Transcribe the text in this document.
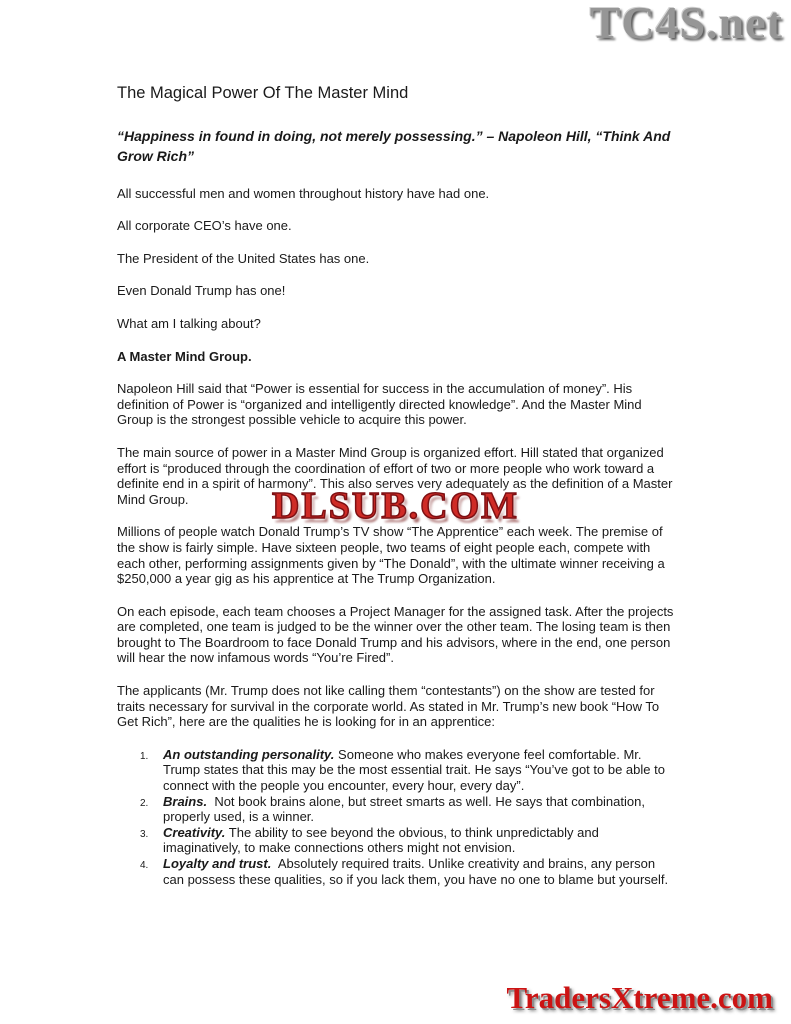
TC4S.net
The Magical Power Of The Master Mind

“Happiness in found in doing, not merely possessing.” – Napoleon Hill, “Think And Grow Rich”

All successful men and women throughout history have had one.

All corporate CEO’s have one.

The President of the United States has one.

Even Donald Trump has one!

What am I talking about?

A Master Mind Group.

Napoleon Hill said that “Power is essential for success in the accumulation of money”. His definition of Power is “organized and intelligently directed knowledge”. And the Master Mind Group is the strongest possible vehicle to acquire this power.

The main source of power in a Master Mind Group is organized effort. Hill stated that organized effort is “produced through the coordination of effort of two or more people who work toward a definite end in a spirit of harmony”. This also serves very adequately as the definition of a Master Mind Group.

Millions of people watch Donald Trump’s TV show “The Apprentice” each week. The premise of the show is fairly simple. Have sixteen people, two teams of eight people each, compete with each other, performing assignments given by “The Donald”, with the ultimate winner receiving a $250,000 a year gig as his apprentice at The Trump Organization.

On each episode, each team chooses a Project Manager for the assigned task. After the projects are completed, one team is judged to be the winner over the other team. The losing team is then brought to The Boardroom to face Donald Trump and his advisors, where in the end, one person will hear the now infamous words “You’re Fired”.

The applicants (Mr. Trump does not like calling them “contestants”) on the show are tested for traits necessary for survival in the corporate world. As stated in Mr. Trump’s new book “How To Get Rich”, here are the qualities he is looking for in an apprentice:

1.	An outstanding personality. Someone who makes everyone feel comfortable. Mr. Trump states that this may be the most essential trait. He says “You’ve got to be able to connect with the people you encounter, every hour, every day”.
2.	Brains. Not book brains alone, but street smarts as well. He says that combination, properly used, is a winner.
3.	Creativity. The ability to see beyond the obvious, to think unpredictably and imaginatively, to make connections others might not envision.
4.	Loyalty and trust. Absolutely required traits. Unlike creativity and brains, any person can possess these qualities, so if you lack them, you have no one to blame but yourself.
DLSUB.COM
TradersXtreme.com
